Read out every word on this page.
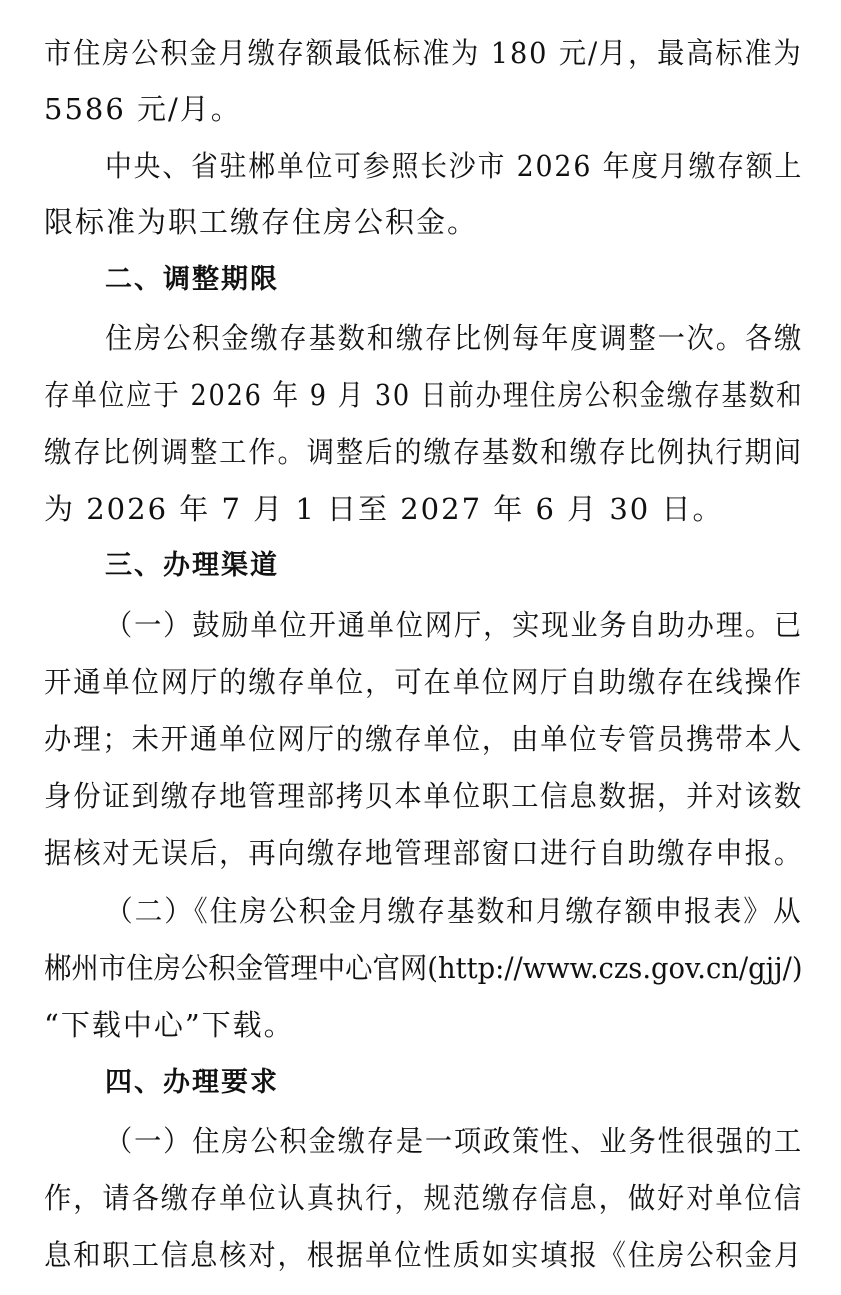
市住房公积金月缴存额最低标准为 180 元/月，最高标准为
5586 元/月。
中央、省驻郴单位可参照长沙市 2026 年度月缴存额上
限标准为职工缴存住房公积金。
二、调整期限
住房公积金缴存基数和缴存比例每年度调整一次。各缴
存单位应于 2026 年 9 月 30 日前办理住房公积金缴存基数和
缴存比例调整工作。调整后的缴存基数和缴存比例执行期间
为 2026 年 7 月 1 日至 2027 年 6 月 30 日。
三、办理渠道
（一）鼓励单位开通单位网厅，实现业务自助办理。已
开通单位网厅的缴存单位，可在单位网厅自助缴存在线操作
办理；未开通单位网厅的缴存单位，由单位专管员携带本人
身份证到缴存地管理部拷贝本单位职工信息数据，并对该数
据核对无误后，再向缴存地管理部窗口进行自助缴存申报。
（二）《住房公积金月缴存基数和月缴存额申报表》从
郴州市住房公积金管理中心官网(http://www.czs.gov.cn/gjj/)
“下载中心”下载。
四、办理要求
（一）住房公积金缴存是一项政策性、业务性很强的工
作，请各缴存单位认真执行，规范缴存信息，做好对单位信
息和职工信息核对，根据单位性质如实填报《住房公积金月
